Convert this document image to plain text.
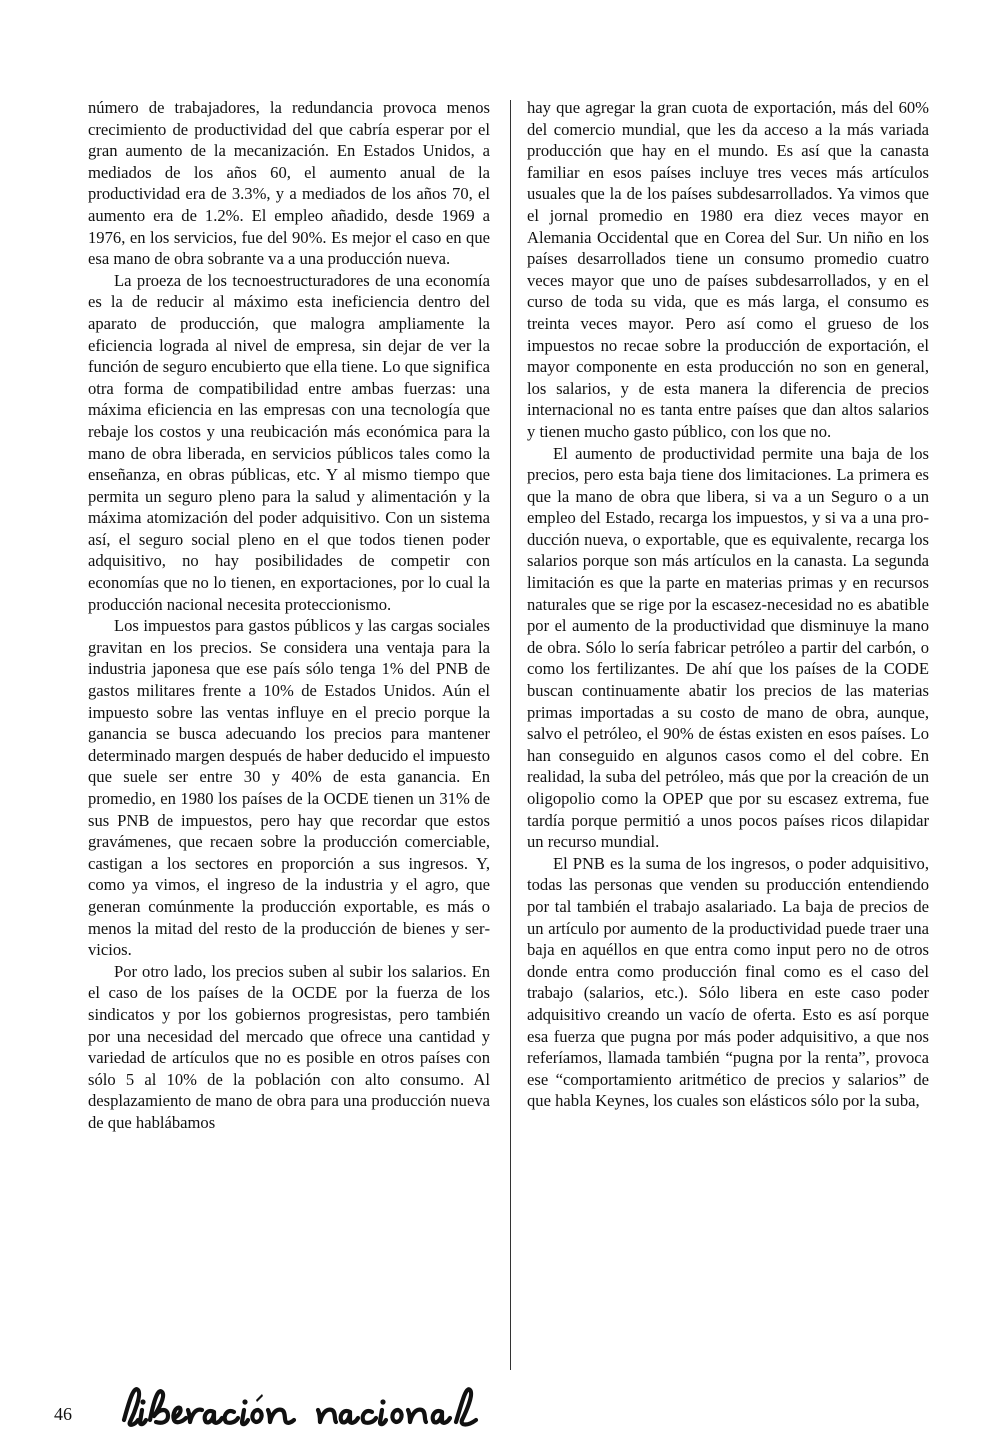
número de trabajadores, la redundancia provoca menos crecimiento de productividad del que cabría esperar por el gran aumento de la mecanización. En Estados Unidos, a mediados de los años 60, el aumento anual de la productividad era de 3.3%, y a mediados de los años 70, el aumento era de 1.2%. El empleo añadido, desde 1969 a 1976, en los servicios, fue del 90%. Es mejor el caso en que esa mano de obra sobrante va a una producción nueva.

La proeza de los tecnoestructuradores de una economía es la de reducir al máximo esta ineficiencia dentro del aparato de producción, que malogra ampliamente la eficiencia lograda al nivel de empresa, sin dejar de ver la función de seguro encubierto que ella tiene. Lo que significa otra forma de compatibilidad entre ambas fuerzas: una máxima eficiencia en las empresas con una tecnología que rebaje los costos y una reubicación más económica para la mano de obra liberada, en servicios públicos tales como la enseñanza, en obras públicas, etc. Y al mismo tiempo que permita un seguro pleno para la salud y alimentación y la máxima atomización del poder adquisitivo. Con un sistema así, el seguro social pleno en el que todos tienen poder adquisitivo, no hay posibilidades de competir con economías que no lo tienen, en exportaciones, por lo cual la producción nacional necesita proteccionismo.

Los impuestos para gastos públicos y las cargas sociales gravitan en los precios. Se considera una ventaja para la industria japonesa que ese país sólo tenga 1% del PNB de gastos militares frente a 10% de Estados Unidos. Aún el impuesto sobre las ventas influye en el precio porque la ganancia se busca adecuando los precios para mantener determinado margen después de haber deducido el impuesto que suele ser entre 30 y 40% de esta ganancia. En promedio, en 1980 los países de la OCDE tienen un 31% de sus PNB de impuestos, pero hay que recordar que estos gravámenes, que recaen sobre la producción comerciable, castigan a los sectores en proporción a sus ingresos. Y, como ya vimos, el ingreso de la industria y el agro, que generan comúnmente la producción exportable, es más o menos la mitad del resto de la producción de bienes y servicios.

Por otro lado, los precios suben al subir los salarios. En el caso de los países de la OCDE por la fuerza de los sindicatos y por los gobiernos progresistas, pero también por una necesidad del mercado que ofrece una cantidad y variedad de artículos que no es posible en otros países con sólo 5 al 10% de la población con alto consumo. Al desplazamiento de mano de obra para una producción nueva de que hablábamos

hay que agregar la gran cuota de exportación, más del 60% del comercio mundial, que les da acceso a la más variada producción que hay en el mundo. Es así que la canasta familiar en esos países incluye tres veces más artículos usuales que la de los países subdesarrollados. Ya vimos que el jornal promedio en 1980 era diez veces mayor en Alemania Occidental que en Corea del Sur. Un niño en los países desarrollados tiene un consumo promedio cuatro veces mayor que uno de países subdesarrollados, y en el curso de toda su vida, que es más larga, el consumo es treinta veces mayor. Pero así como el grueso de los impuestos no recae sobre la producción de exportación, el mayor componente en esta producción no son en general, los salarios, y de esta manera la diferencia de precios internacional no es tanta entre países que dan altos salarios y tienen mucho gasto público, con los que no.

El aumento de productividad permite una baja de los precios, pero esta baja tiene dos limitaciones. La primera es que la mano de obra que libera, si va a un Seguro o a un empleo del Estado, recarga los impuestos, y si va a una producción nueva, o exportable, que es equivalente, recarga los salarios porque son más artículos en la canasta. La segunda limitación es que la parte en materias primas y en recursos naturales que se rige por la escasez-necesidad no es abatible por el aumento de la productividad que disminuye la mano de obra. Sólo lo sería fabricar petróleo a partir del carbón, o como los fertilizantes. De ahí que los países de la CODE buscan continuamente abatir los precios de las materias primas importadas a su costo de mano de obra, aunque, salvo el petróleo, el 90% de éstas existen en esos países. Lo han conseguido en algunos casos como el del cobre. En realidad, la suba del petróleo, más que por la creación de un oligopolio como la OPEP que por su escasez extrema, fue tardía porque permitió a unos pocos países ricos dilapidar un recurso mundial.

El PNB es la suma de los ingresos, o poder adquisitivo, todas las personas que venden su producción entendiendo por tal también el trabajo asalariado. La baja de precios de un artículo por aumento de la productividad puede traer una baja en aquéllos en que entra como input pero no de otros donde entra como producción final como es el caso del trabajo (salarios, etc.). Sólo libera en este caso poder adquisitivo creando un vacío de oferta. Esto es así porque esa fuerza que pugna por más poder adquisitivo, a que nos referíamos, llamada también “pugna por la renta”, provoca ese “comportamiento aritmético de precios y salarios” de que habla Keynes, los cuales son elásticos sólo por la suba,

46
